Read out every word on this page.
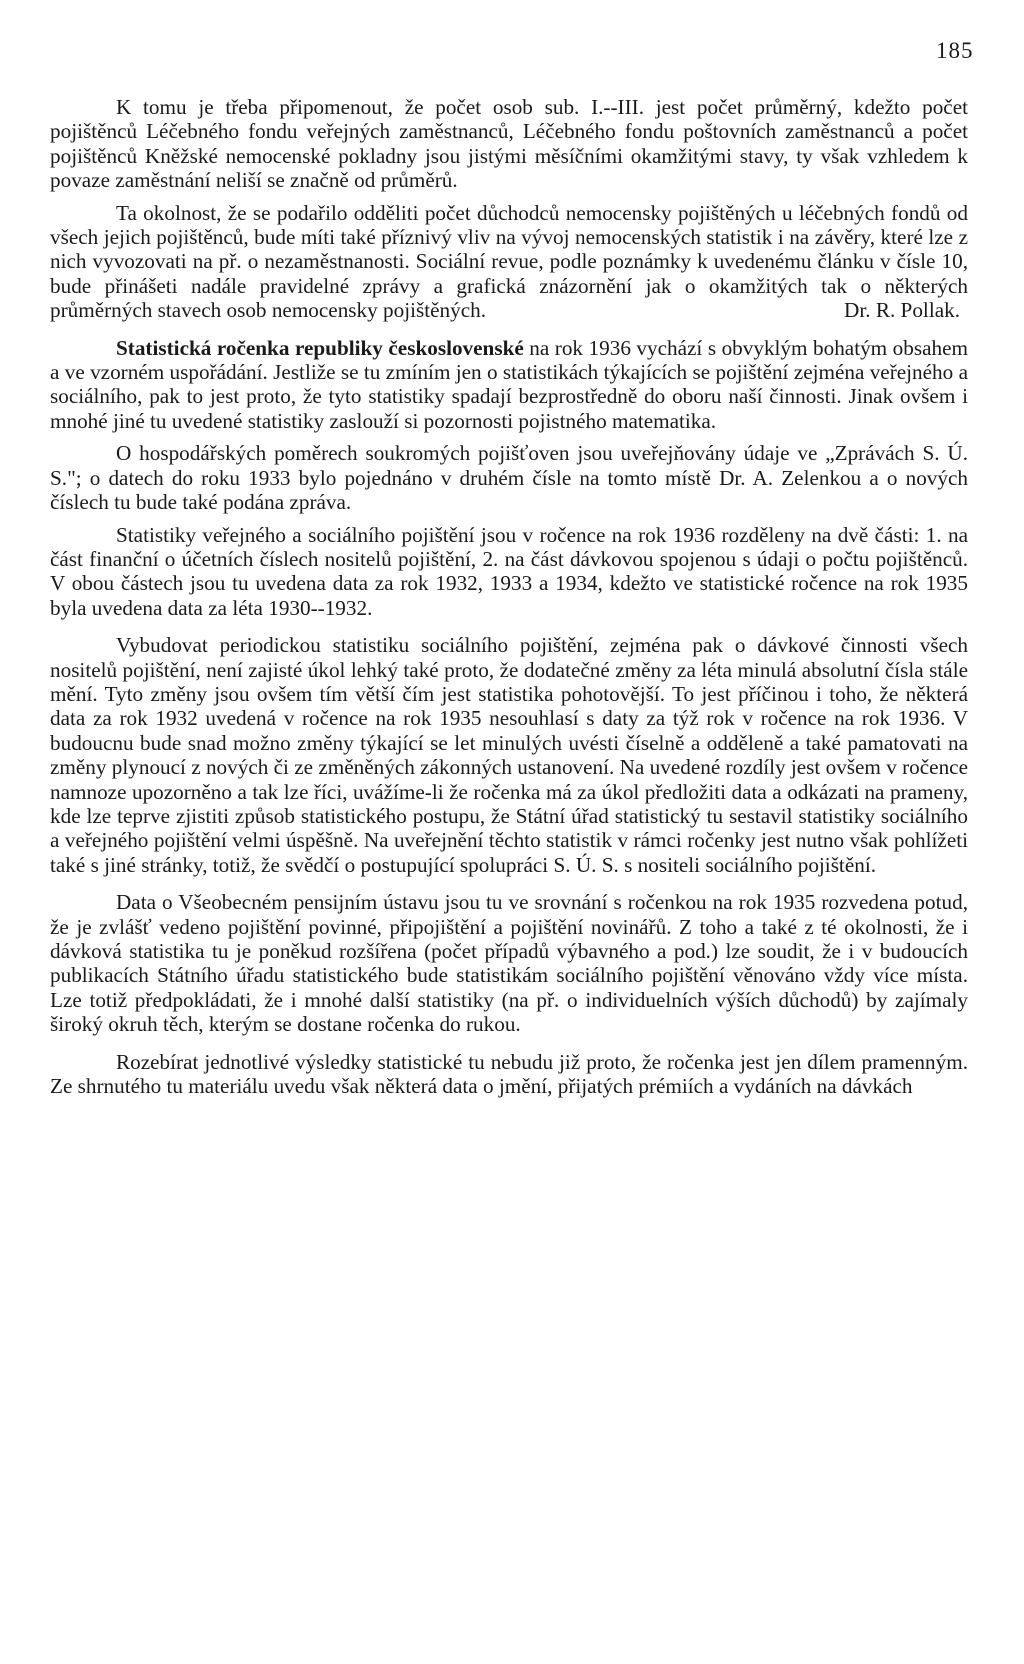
185

K tomu je třeba připomenout, že počet osob sub. I.--III. jest počet průměrný, kdežto počet pojištěnců Léčebného fondu veřejných zaměstnanců, Léčebného fondu poštovních zaměstnanců a počet pojištěnců Kněžské nemocenské pokladny jsou jistými měsíčními okamžitými stavy, ty však vzhledem k povaze zaměstnání neliší se značně od průměrů.

Ta okolnost, že se podařilo odděliti počet důchodců nemocensky pojištěných u léčebných fondů od všech jejich pojištěnců, bude míti také příznivý vliv na vývoj nemocenských statistik i na závěry, které lze z nich vyvozovati na př. o nezaměstnanosti. Sociální revue, podle poznámky k uvedenému článku v čísle 10, bude přinášeti nadále pravidelné zprávy a grafická znázornění jak o okamžitých tak o některých průměrných stavech osob nemocensky pojištěných.	Dr. R. Pollak.

Statistická ročenka republiky československé na rok 1936 vychází s obvyklým bohatým obsahem a ve vzorném uspořádání. Jestliže se tu zmíním jen o statistikách týkajících se pojištění zejména veřejného a sociálního, pak to jest proto, že tyto statistiky spadají bezprostředně do oboru naší činnosti. Jinak ovšem i mnohé jiné tu uvedené statistiky zaslouží si pozornosti pojistného matematika.

O hospodářských poměrech soukromých pojišťoven jsou uveřejňovány údaje ve „Zprávách S. Ú. S."; o datech do roku 1933 bylo pojednáno v druhém čísle na tomto místě Dr. A. Zelenkou a o nových číslech tu bude také podána zpráva.

Statistiky veřejného a sociálního pojištění jsou v ročence na rok 1936 rozděleny na dvě části: 1. na část finanční o účetních číslech nositelů pojištění, 2. na část dávkovou spojenou s údaji o počtu pojištěnců. V obou částech jsou tu uvedena data za rok 1932, 1933 a 1934, kdežto ve statistické ročence na rok 1935 byla uvedena data za léta 1930--1932.

Vybudovat periodickou statistiku sociálního pojištění, zejména pak o dávkové činnosti všech nositelů pojištění, není zajisté úkol lehký také proto, že dodatečné změny za léta minulá absolutní čísla stále mění. Tyto změny jsou ovšem tím větší čím jest statistika pohotovější. To jest příčinou i toho, že některá data za rok 1932 uvedená v ročence na rok 1935 nesouhlasí s daty za týž rok v ročence na rok 1936. V budoucnu bude snad možno změny týkající se let minulých uvésti číselně a odděleně a také pamatovati na změny plynoucí z nových či ze změněných zákonných ustanovení. Na uvedené rozdíly jest ovšem v ročence namnoze upozorněno a tak lze říci, uvážíme-li že ročenka má za úkol předložiti data a odkázati na prameny, kde lze teprve zjistiti způsob statistického postupu, že Státní úřad statistický tu sestavil statistiky sociálního a veřejného pojištění velmi úspěšně. Na uveřejnění těchto statistik v rámci ročenky jest nutno však pohlížeti také s jiné stránky, totiž, že svědčí o postupující spolupráci S. Ú. S. s nositeli sociálního pojištění.

Data o Všeobecném pensijním ústavu jsou tu ve srovnání s ročenkou na rok 1935 rozvedena potud, že je zvlášť vedeno pojištění povinné, připojištění a pojištění novinářů. Z toho a také z té okolnosti, že i dávková statistika tu je poněkud rozšířena (počet případů výbavného a pod.) lze soudit, že i v budoucích publikacích Státního úřadu statistického bude statistikám sociálního pojištění věnováno vždy více místa. Lze totiž předpokládati, že i mnohé další statistiky (na př. o individuelních výších důchodů) by zajímaly široký okruh těch, kterým se dostane ročenka do rukou.

Rozebírat jednotlivé výsledky statistické tu nebudu již proto, že ročenka jest jen dílem pramenným. Ze shrnutého tu materiálu uvedu však některá data o jmění, přijatých prémiích a vydáních na dávkách
